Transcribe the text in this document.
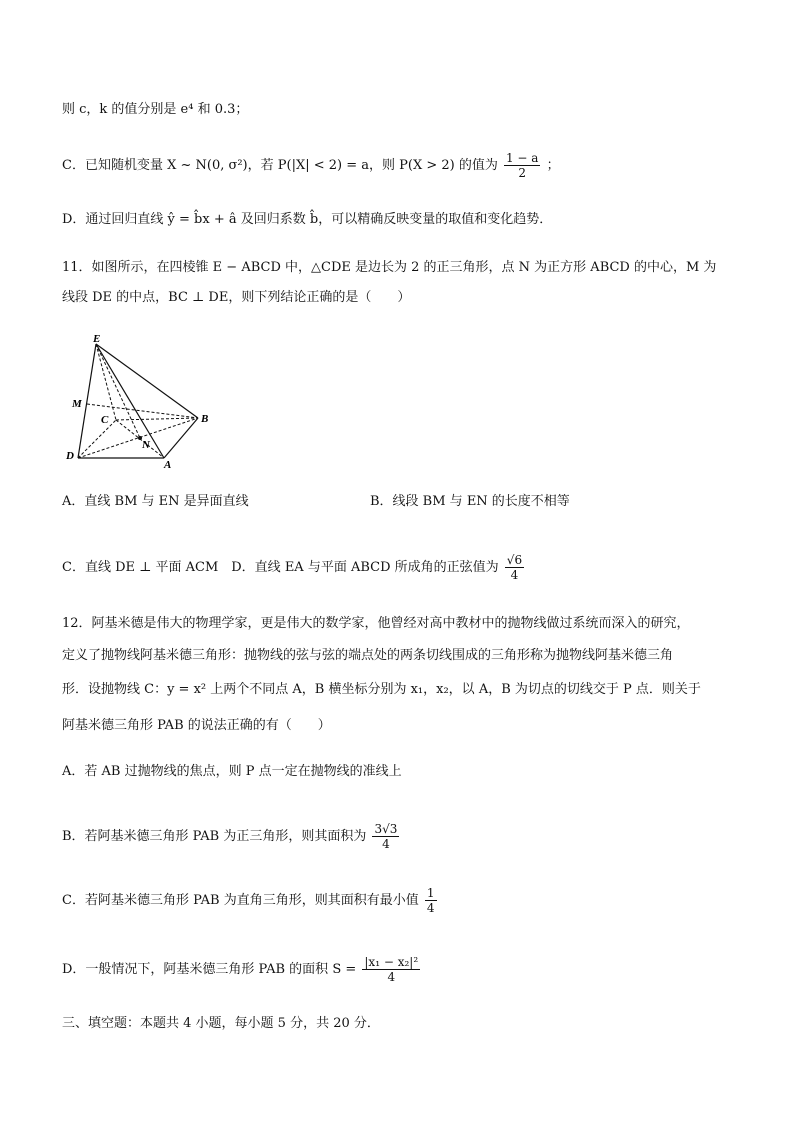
则 c，k 的值分别是 e⁴ 和 0.3；
C．已知随机变量 X ~ N(0, σ²)，若 P(|X| < 2) = a，则 P(X > 2) 的值为 $\frac{1 - a}{2}$ ；
D．通过回归直线 ŷ = b̂x + â 及回归系数 b̂，可以精确反映变量的取值和变化趋势．
11．如图所示，在四棱锥 E − ABCD 中，△CDE 是边长为 2 的正三角形，点 N 为正方形 ABCD 的中心，M 为
线段 DE 的中点，BC ⊥ DE，则下列结论正确的是（　　）
E
M
C
N
B
D
A
A．直线 BM 与 EN 是异面直线	B．线段 BM 与 EN 的长度不相等
C．直线 DE ⊥ 平面 ACM　D．直线 EA 与平面 ABCD 所成角的正弦值为 $\frac{√6}{4}$
12．阿基米德是伟大的物理学家，更是伟大的数学家，他曾经对高中教材中的抛物线做过系统而深入的研究，
定义了抛物线阿基米德三角形：抛物线的弦与弦的端点处的两条切线围成的三角形称为抛物线阿基米德三角
形．设抛物线 C：y = x² 上两个不同点 A，B 横坐标分别为 x₁，x₂，以 A，B 为切点的切线交于 P 点．则关于
阿基米德三角形 PAB 的说法正确的有（　　）
A．若 AB 过抛物线的焦点，则 P 点一定在抛物线的准线上
B．若阿基米德三角形 PAB 为正三角形，则其面积为 $\frac{3√3}{4}$
C．若阿基米德三角形 PAB 为直角三角形，则其面积有最小值 $\frac{1}{4}$
D．一般情况下，阿基米德三角形 PAB 的面积 $S = \frac{\text{|x₁ − x₂|²}}{4}$
三、填空题：本题共 4 小题，每小题 5 分，共 20 分．
